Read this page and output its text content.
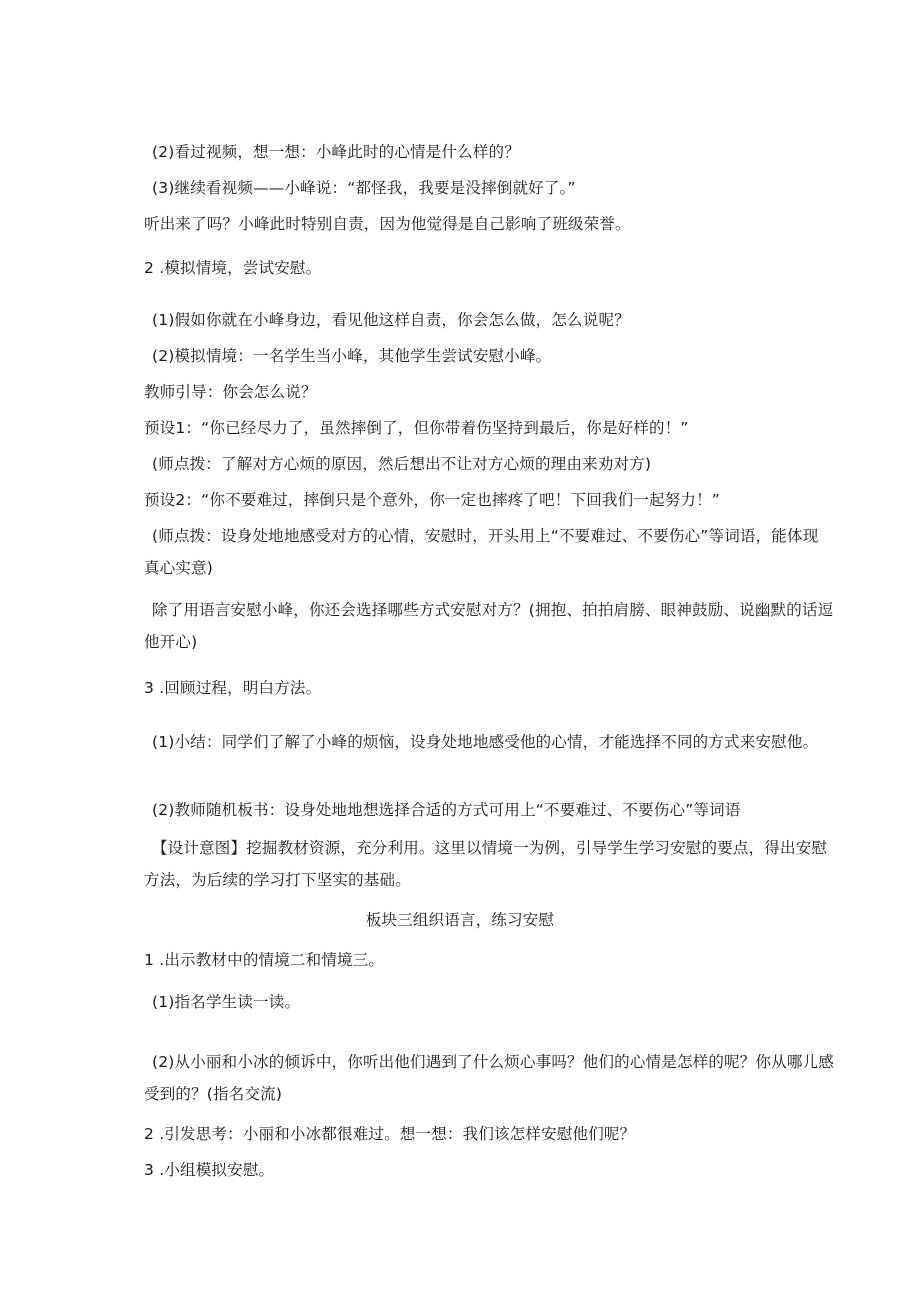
(2)看过视频，想一想：小峰此时的心情是什么样的？
(3)继续看视频——小峰说：“都怪我，我要是没摔倒就好了。”
听出来了吗？小峰此时特别自责，因为他觉得是自己影响了班级荣誉。
2 .模拟情境，尝试安慰。
(1)假如你就在小峰身边，看见他这样自责，你会怎么做，怎么说呢？
(2)模拟情境：一名学生当小峰，其他学生尝试安慰小峰。
教师引导：你会怎么说？
预设1：“你已经尽力了，虽然摔倒了，但你带着伤坚持到最后，你是好样的！”
(师点拨：了解对方心烦的原因，然后想出不让对方心烦的理由来劝对方)
预设2：“你不要难过，摔倒只是个意外，你一定也摔疼了吧！下回我们一起努力！”
(师点拨：设身处地地感受对方的心情，安慰时，开头用上“不要难过、不要伤心”等词语，能体现真心实意)
除了用语言安慰小峰，你还会选择哪些方式安慰对方？(拥抱、拍拍肩膀、眼神鼓励、说幽默的话逗他开心)
3 .回顾过程，明白方法。
(1)小结：同学们了解了小峰的烦恼，设身处地地感受他的心情，才能选择不同的方式来安慰他。
(2)教师随机板书：设身处地地想选择合适的方式可用上“不要难过、不要伤心”等词语
【设计意图】挖掘教材资源，充分利用。这里以情境一为例，引导学生学习安慰的要点，得出安慰方法，为后续的学习打下坚实的基础。
板块三组织语言，练习安慰
1 .出示教材中的情境二和情境三。
(1)指名学生读一读。
(2)从小丽和小冰的倾诉中，你听出他们遇到了什么烦心事吗？他们的心情是怎样的呢？你从哪儿感受到的？(指名交流)
2 .引发思考：小丽和小冰都很难过。想一想：我们该怎样安慰他们呢？
3 .小组模拟安慰。
